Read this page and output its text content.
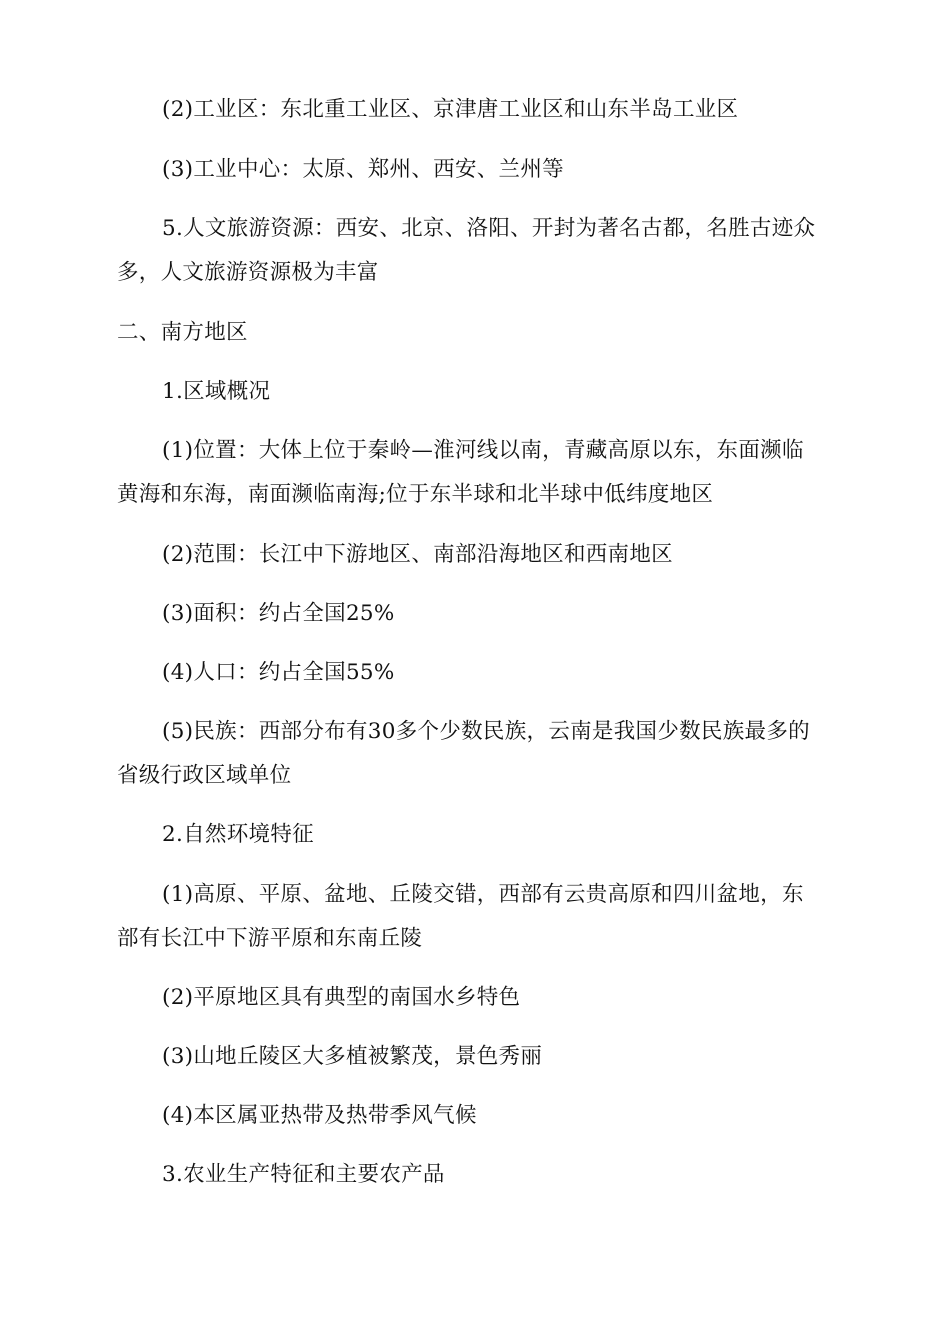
(2)工业区：东北重工业区、京津唐工业区和山东半岛工业区
(3)工业中心：太原、郑州、西安、兰州等
5.人文旅游资源：西安、北京、洛阳、开封为著名古都，名胜古迹众
多，人文旅游资源极为丰富
二、南方地区
1.区域概况
(1)位置：大体上位于秦岭—淮河线以南，青藏高原以东，东面濒临
黄海和东海，南面濒临南海;位于东半球和北半球中低纬度地区
(2)范围：长江中下游地区、南部沿海地区和西南地区
(3)面积：约占全国25%
(4)人口：约占全国55%
(5)民族：西部分布有30多个少数民族，云南是我国少数民族最多的
省级行政区域单位
2.自然环境特征
(1)高原、平原、盆地、丘陵交错，西部有云贵高原和四川盆地，东
部有长江中下游平原和东南丘陵
(2)平原地区具有典型的南国水乡特色
(3)山地丘陵区大多植被繁茂，景色秀丽
(4)本区属亚热带及热带季风气候
3.农业生产特征和主要农产品
